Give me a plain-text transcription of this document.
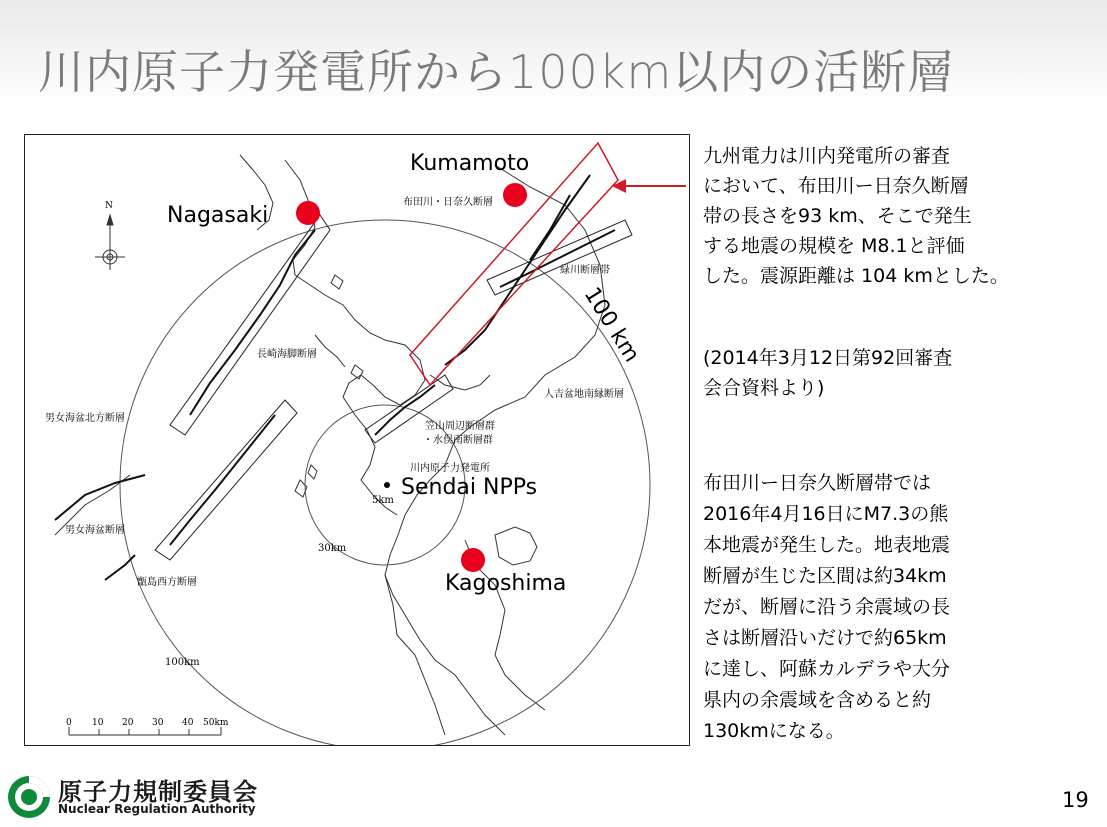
川内原子力発電所から100km以内の活断層
Kumamoto
Nagasaki
Kagoshima
Sendai NPPs
川内原子力発電所
100 km
布田川・日奈久断層
緑川断層帯
長崎海脚断層
人吉盆地南縁断層
笠山周辺断層群
・水俣南断層群
男女海盆北方断層
男女海盆断層
甑島西方断層
5km
30km
100km
N
0 10 20 30 40 50km
九州電力は川内発電所の審査
において、布田川ー日奈久断層
帯の長さを93 km、そこで発生
する地震の規模を M8.1と評価
した。震源距離は 104 kmとした。
(2014年3月12日第92回審査
会合資料より)
布田川ー日奈久断層帯では
2016年4月16日にM7.3の熊
本地震が発生した。地表地震
断層が生じた区間は約34km
だが、断層に沿う余震域の長
さは断層沿いだけで約65km
に達し、阿蘇カルデラや大分
県内の余震域を含めると約
130kmになる。
原子力規制委員会
Nuclear Regulation Authority	19
